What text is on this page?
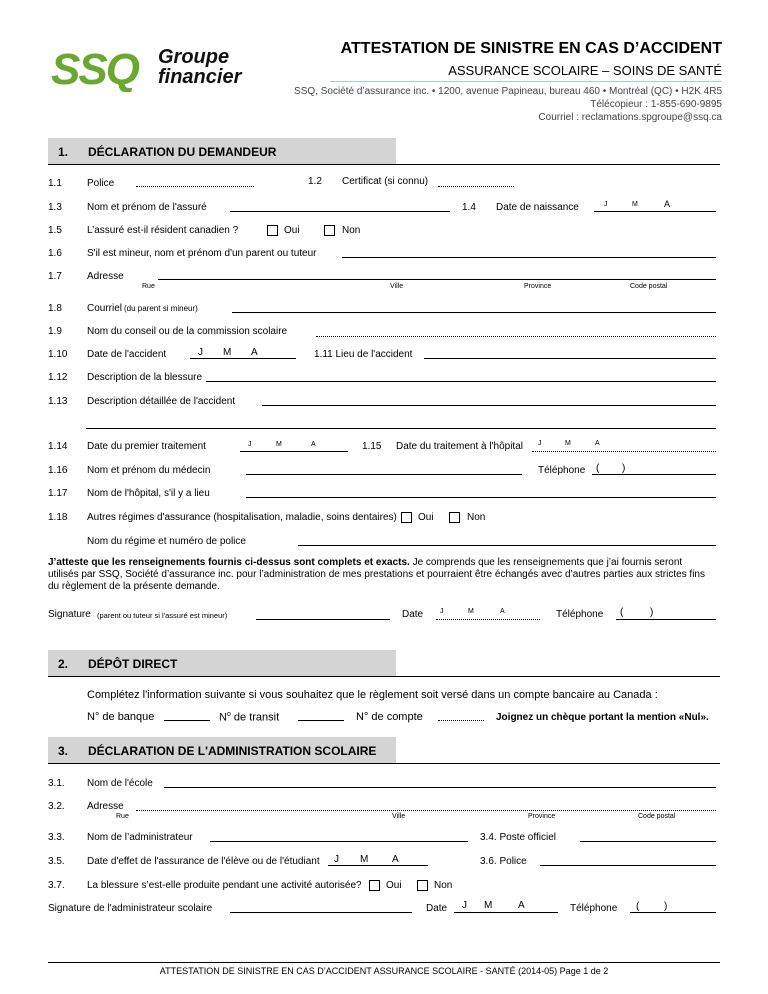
SSQ Groupe
financier
ATTESTATION DE SINISTRE EN CAS D’ACCIDENT
ASSURANCE SCOLAIRE – SOINS DE SANTÉ
SSQ, Société d’assurance inc. • 1200, avenue Papineau, bureau 460 • Montréal (QC) • H2K 4R5
Télécopieur : 1-855-690-9895
Courriel : reclamations.spgroupe@ssq.ca
1. DÉCLARATION DU DEMANDEUR
1.1	Police	1.2 Certificat (si connu)
1.3	Nom et prénom de l'assuré	1.4 Date de naissance	J	M	A
1.5	L’assuré est-il résident canadien ?	Oui	Non
1.6	S'il est mineur, nom et prénom d'un parent ou tuteur
1.7	Adresse
Rue	Ville	Province	Code postal
1.8	Courriel (du parent si mineur)
1.9	Nom du conseil ou de la commission scolaire
1.10 Date de l'accident	J M A	1.11 Lieu de l'accident
1.12 Description de la blessure
1.13 Description détaillée de l'accident
1.14 Date du premier traitement	J	M	A	1.15 Date du traitement à l'hôpital J	M	A
1.16 Nom et prénom du médecin	Téléphone ( )
1.17 Nom de l'hôpital, s'il y a lieu
1.18 Autres régimes d'assurance (hospitalisation, maladie, soins dentaires) Oui	Non
Nom du régime et numéro de police
J’atteste que les renseignements fournis ci-dessus sont complets et exacts. Je comprends que les renseignements que j’ai fournis seront
utilisés par SSQ, Société d’assurance inc. pour l’administration de mes prestations et pourraient être échangés avec d’autres parties aux strictes fins
du règlement de la présente demande.
Signature (parent ou tuteur si l'assuré est mineur)	Date J	M	A	Téléphone (	)
2. DÉPÔT DIRECT
Complétez l'information suivante si vous souhaitez que le règlement soit versé dans un compte bancaire au Canada :
N° de banque	$N^o$ de transit	N° de compte	Joignez un chèque portant la mention «Nul».
3. DÉCLARATION DE L'ADMINISTRATION SCOLAIRE
3.1. Nom de l'école
3.2. Adresse
Rue	Ville	Province	Code postal
3.3. Nom de l’administrateur	3.4. Poste officiel
3.5. Date d'effet de l'assurance de l'élève ou de l'étudiant J M A	3.6. Police
3.7. La blessure s’est-elle produite pendant une activité autorisée? Oui	Non
Signature de l'administrateur scolaire	Date J M	A	Téléphone ( )
ATTESTATION DE SINISTRE EN CAS D’ACCIDENT ASSURANCE SCOLAIRE - SANTÉ (2014-05) Page 1 de 2
